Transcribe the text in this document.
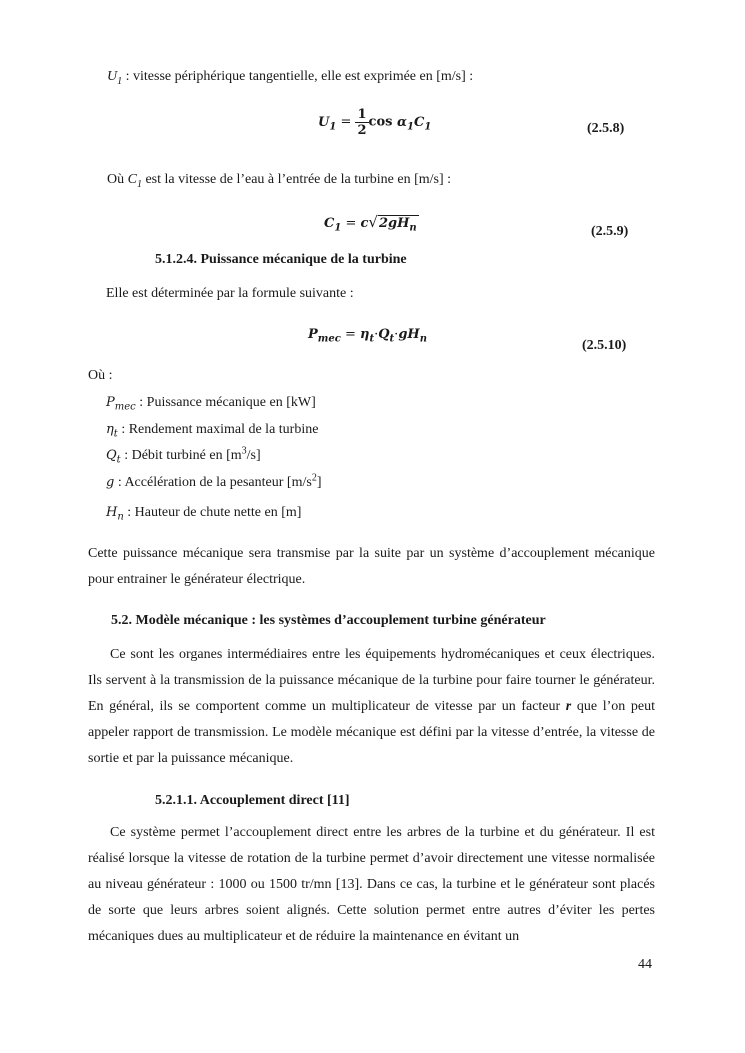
$U_1$ : vitesse périphérique tangentielle, elle est exprimée en [m/s] :
$U_1 = \frac{1}{2}$ $\cos \alpha_1C_1$	(2.5.8)
Où $C_1$ est la vitesse de l’eau à l’entrée de la turbine en [m/s] :
$C_1 = c√2gH_n$	(2.5.9)
5.1.2.4. Puissance mécanique de la turbine
Elle est déterminée par la formule suivante :
$P_{mec} = \eta_t\cdot Q_t\cdot gH_n$	(2.5.10)
Où :
$P_{mec}$ : Puissance mécanique en [kW]
$\eta_t$ : Rendement maximal de la turbine
$Q_t$ : Débit turbiné en $[m^3/s]$
g : Accélération de la pesanteur $[m/s^2]$
$H_n$ : Hauteur de chute nette en [m]

Cette puissance mécanique sera transmise par la suite par un système d’accouplement mécanique pour entrainer le générateur électrique.

5.2. Modèle mécanique : les systèmes d’accouplement turbine générateur

Ce sont les organes intermédiaires entre les équipements hydromécaniques et ceux électriques. Ils servent à la transmission de la puissance mécanique de la turbine pour faire tourner le générateur. En général, ils se comportent comme un multiplicateur de vitesse par un facteur r que l’on peut appeler rapport de transmission. Le modèle mécanique est défini par la vitesse d’entrée, la vitesse de sortie et par la puissance mécanique.

5.2.1.1. Accouplement direct [11]

Ce système permet l’accouplement direct entre les arbres de la turbine et du générateur. Il est réalisé lorsque la vitesse de rotation de la turbine permet d’avoir directement une vitesse normalisée au niveau générateur : 1000 ou 1500 tr/mn [13]. Dans ce cas, la turbine et le générateur sont placés de sorte que leurs arbres soient alignés. Cette solution permet entre autres d’éviter les pertes mécaniques dues au multiplicateur et de réduire la maintenance en évitant un

44
